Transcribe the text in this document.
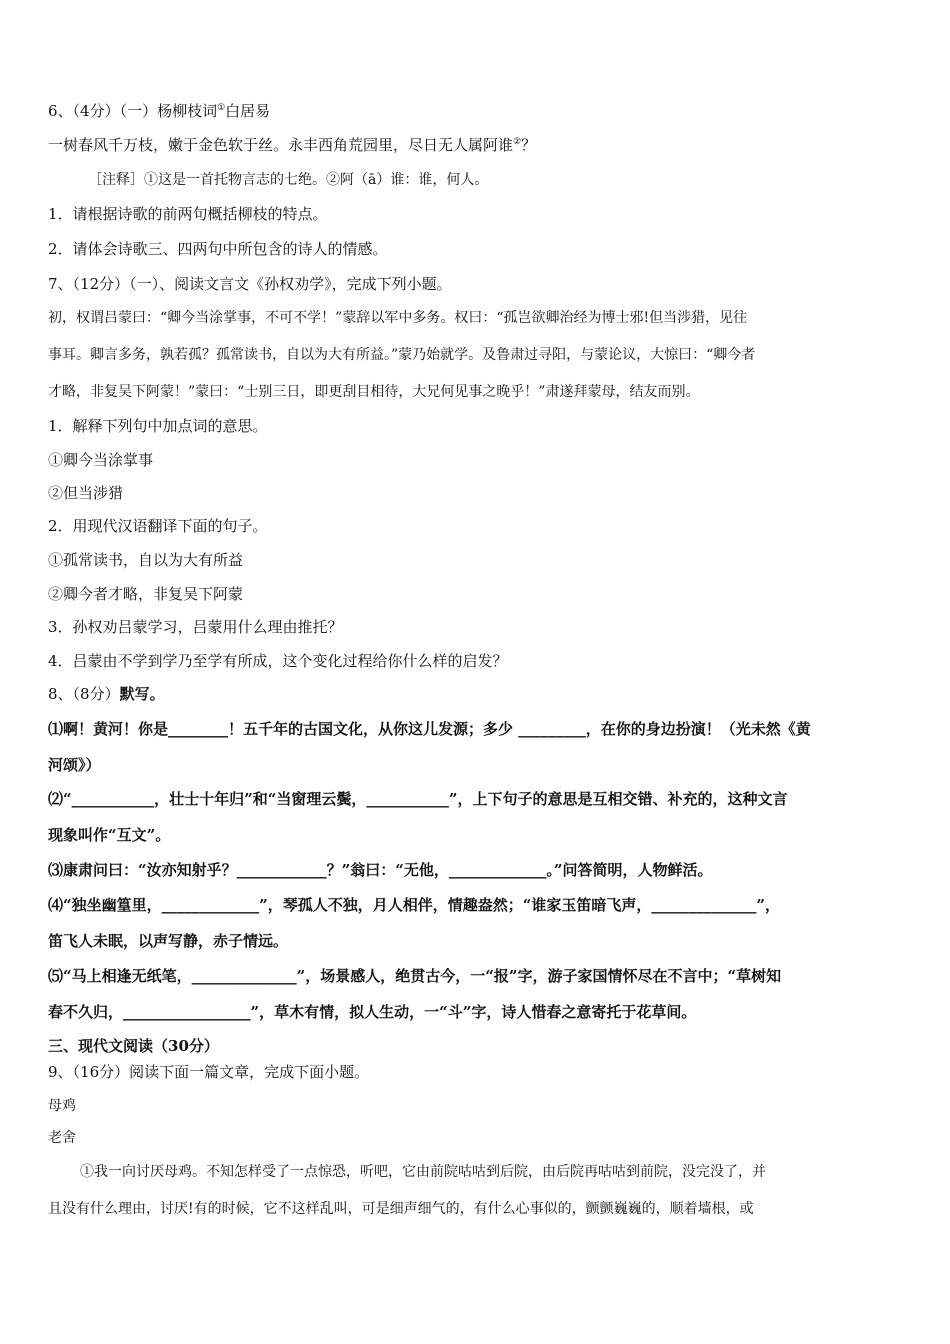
6、（4分）（一）杨柳枝词①白居易
一树春风千万枝，嫩于金色软于丝。永丰西角荒园里，尽日无人属阿谁②？
［注释］①这是一首托物言志的七绝。②阿（ā）谁：谁，何人。
1．请根据诗歌的前两句概括柳枝的特点。
2．请体会诗歌三、四两句中所包含的诗人的情感。
7、（12分）（一）、阅读文言文《孙权劝学》，完成下列小题。
初，权谓吕蒙曰：“卿今当涂掌事，不可不学！”蒙辞以军中多务。权曰：“孤岂欲卿治经为博士邪!但当涉猎，见往
事耳。卿言多务，孰若孤？孤常读书，自以为大有所益。”蒙乃始就学。及鲁肃过寻阳，与蒙论议，大惊曰：“卿今者
才略，非复吴下阿蒙！”蒙曰：“士别三日，即更刮目相待，大兄何见事之晚乎！”肃遂拜蒙母，结友而别。
1．解释下列句中加点词的意思。
①卿今当涂掌事
②但当涉猎
2．用现代汉语翻译下面的句子。
①孤常读书，自以为大有所益
②卿今者才略，非复吴下阿蒙
3．孙权劝吕蒙学习，吕蒙用什么理由推托？
4．吕蒙由不学到学乃至学有所成，这个变化过程给你什么样的启发？
8、（8分）默写。
⑴啊！黄河！你是________！五千年的古国文化，从你这儿发源；多少 _________，在你的身边扮演！（光未然《黄
河颂》）
⑵“___________，壮士十年归”和“当窗理云鬓，___________”，上下句子的意思是互相交错、补充的，这种文言
现象叫作“互文”。
⑶康肃问曰：“汝亦知射乎？____________？”翁曰：“无他，_____________。”问答简明，人物鲜活。
⑷“独坐幽篁里，_____________”，琴孤人不独，月人相伴，情趣盎然；“谁家玉笛暗飞声，______________”，
笛飞人未眠，以声写静，赤子情远。
⑸“马上相逢无纸笔，______________”，场景感人，绝贯古今，一“报”字，游子家国情怀尽在不言中；“草树知
春不久归，_________________”，草木有情，拟人生动，一“斗”字，诗人惜春之意寄托于花草间。
三、现代文阅读（30分）
9、（16分）阅读下面一篇文章，完成下面小题。
母鸡
老舍
①我一向讨厌母鸡。不知怎样受了一点惊恐，听吧，它由前院咕咕到后院，由后院再咕咕到前院，没完没了，并
且没有什么理由，讨厌!有的时候，它不这样乱叫，可是细声细气的，有什么心事似的，颤颤巍巍的，顺着墙根，或
